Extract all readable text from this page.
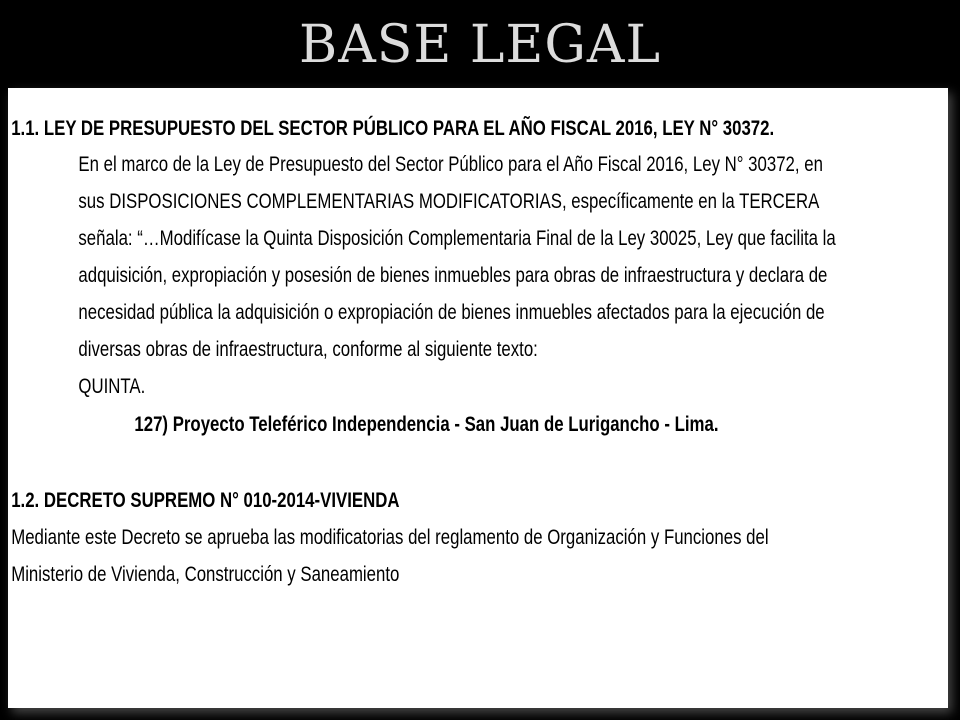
BASE LEGAL
1.1. LEY DE PRESUPUESTO DEL SECTOR PÚBLICO PARA EL AÑO FISCAL 2016, LEY N° 30372.
En el marco de la Ley de Presupuesto del Sector Público para el Año Fiscal 2016, Ley N° 30372, en
sus DISPOSICIONES COMPLEMENTARIAS MODIFICATORIAS, específicamente en la TERCERA
señala: “…Modifícase la Quinta Disposición Complementaria Final de la Ley 30025, Ley que facilita la
adquisición, expropiación y posesión de bienes inmuebles para obras de infraestructura y declara de
necesidad pública la adquisición o expropiación de bienes inmuebles afectados para la ejecución de
diversas obras de infraestructura, conforme al siguiente texto:
QUINTA.
127) Proyecto Teleférico Independencia - San Juan de Lurigancho - Lima.
1.2. DECRETO SUPREMO N° 010-2014-VIVIENDA
Mediante este Decreto se aprueba las modificatorias del reglamento de Organización y Funciones del
Ministerio de Vivienda, Construcción y Saneamiento
